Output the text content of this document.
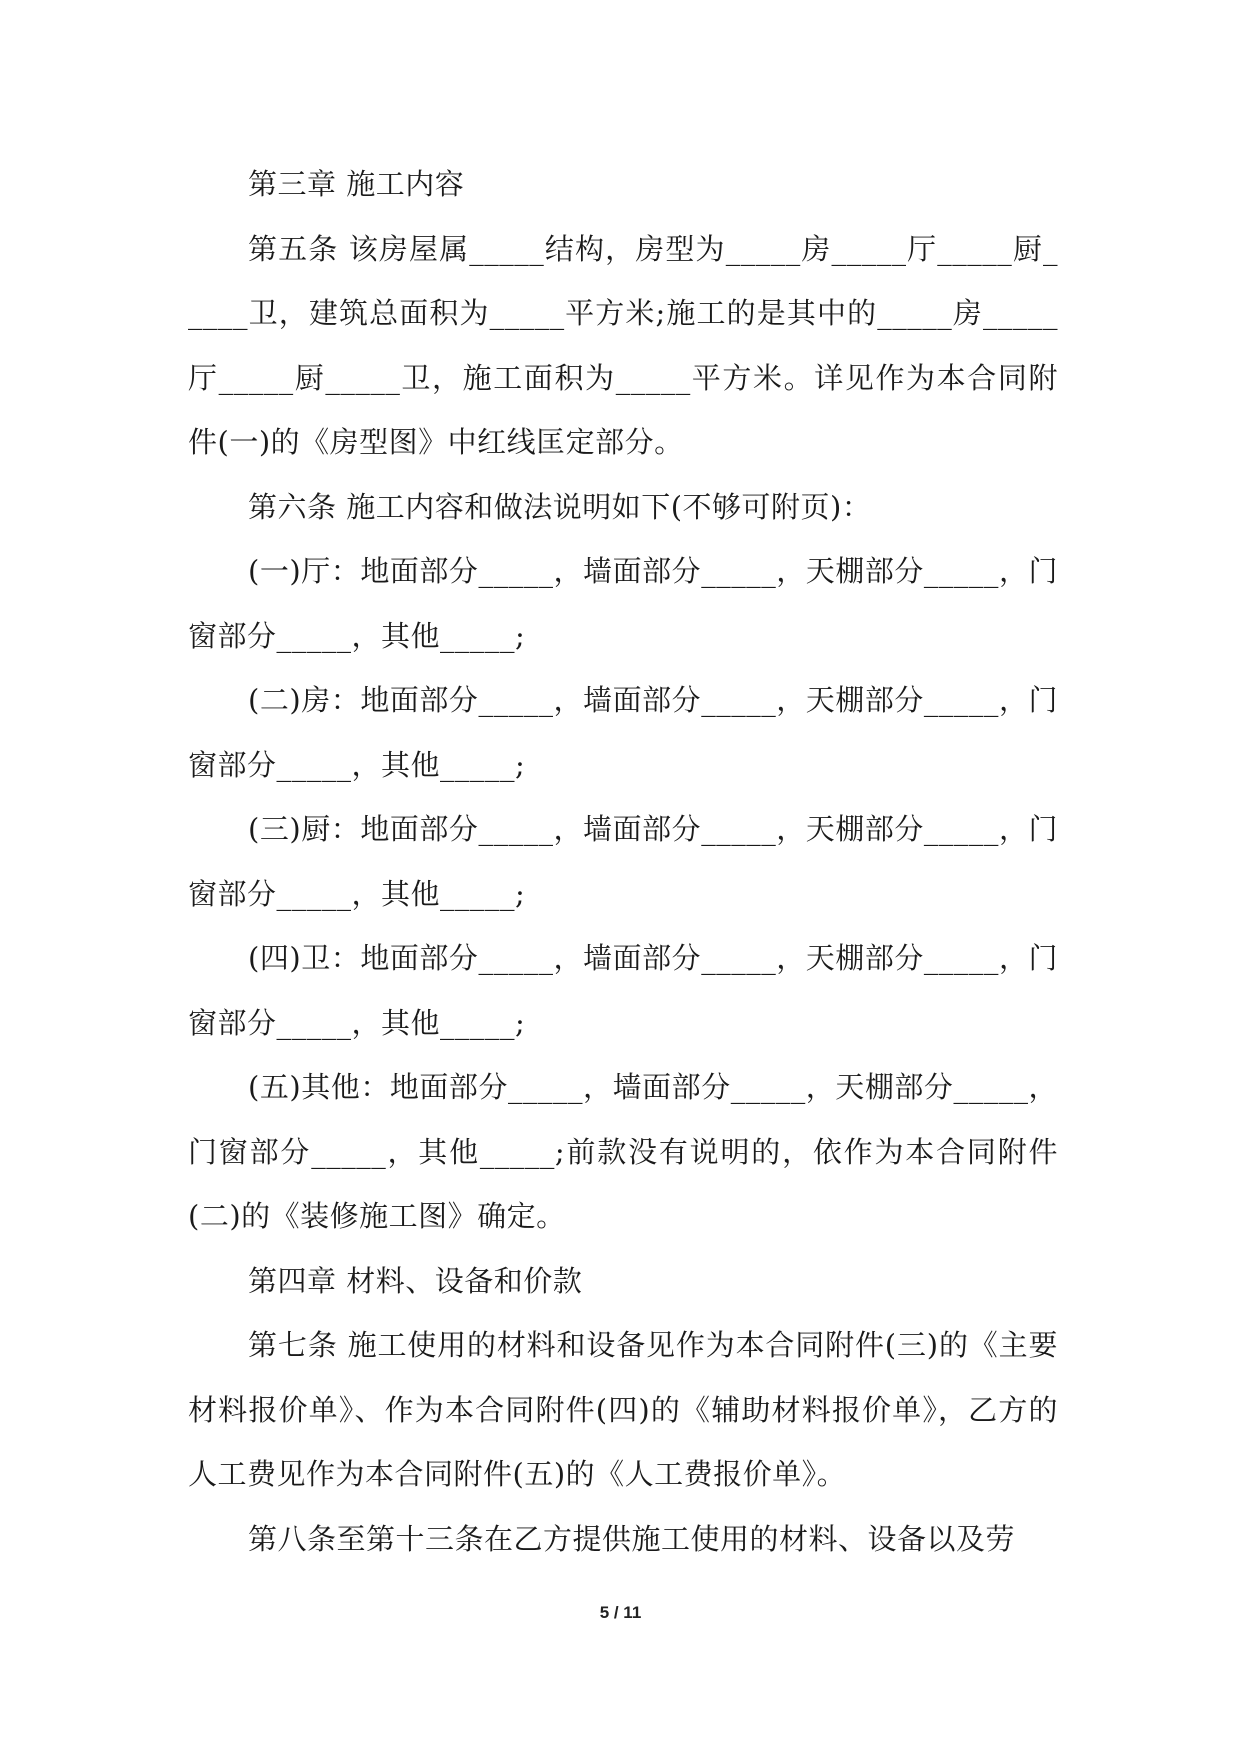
第三章 施工内容

第五条 该房屋属_____结构，房型为_____房_____厅_____厨_____卫，建筑总面积为_____平方米;施工的是其中的_____房_____厅_____厨_____卫，施工面积为_____平方米。详见作为本合同附件(一)的《房型图》中红线匡定部分。

第六条 施工内容和做法说明如下(不够可附页)：

(一)厅：地面部分_____，墙面部分_____，天棚部分_____，门窗部分_____，其他_____;

(二)房：地面部分_____，墙面部分_____，天棚部分_____，门窗部分_____，其他_____;

(三)厨：地面部分_____，墙面部分_____，天棚部分_____，门窗部分_____，其他_____;

(四)卫：地面部分_____，墙面部分_____，天棚部分_____，门窗部分_____，其他_____;

(五)其他：地面部分_____，墙面部分_____，天棚部分_____，门窗部分_____，其他_____;前款没有说明的，依作为本合同附件(二)的《装修施工图》确定。

第四章 材料、设备和价款

第七条 施工使用的材料和设备见作为本合同附件(三)的《主要材料报价单》、作为本合同附件(四)的《辅助材料报价单》，乙方的人工费见作为本合同附件(五)的《人工费报价单》。

第八条至第十三条在乙方提供施工使用的材料、设备以及劳

5 / 11
